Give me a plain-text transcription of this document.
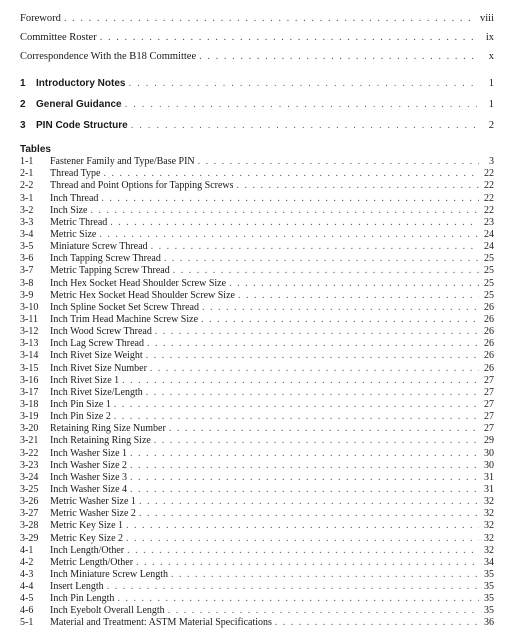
Foreword . . .	viii
Committee Roster . . .	ix
Correspondence With the B18 Committee . . .	x
1	Introductory Notes . . .	1
2	General Guidance . . .	1
3	PIN Code Structure . . .	2
Tables
1-1	Fastener Family and Type/Base PIN . . .	3
2-1	Thread Type . . .	22
2-2	Thread and Point Options for Tapping Screws . . .	22
3-1	Inch Thread . . .	22
3-2	Inch Size . . .	22
3-3	Metric Thread . . .	23
3-4	Metric Size . . .	24
3-5	Miniature Screw Thread . . .	24
3-6	Inch Tapping Screw Thread . . .	25
3-7	Metric Tapping Screw Thread . . .	25
3-8	Inch Hex Socket Head Shoulder Screw Size . . .	25
3-9	Metric Hex Socket Head Shoulder Screw Size . . .	25
3-10	Inch Spline Socket Set Screw Thread . . .	26
3-11	Inch Trim Head Machine Screw Size . . .	26
3-12	Inch Wood Screw Thread . . .	26
3-13	Inch Lag Screw Thread . . .	26
3-14	Inch Rivet Size Weight . . .	26
3-15	Inch Rivet Size Number . . .	26
3-16	Inch Rivet Size 1 . . .	27
3-17	Inch Rivet Size/Length . . .	27
3-18	Inch Pin Size 1 . . .	27
3-19	Inch Pin Size 2 . . .	27
3-20	Retaining Ring Size Number . . .	27
3-21	Inch Retaining Ring Size . . .	29
3-22	Inch Washer Size 1 . . .	30
3-23	Inch Washer Size 2 . . .	30
3-24	Inch Washer Size 3 . . .	31
3-25	Inch Washer Size 4 . . .	31
3-26	Metric Washer Size 1 . . .	32
3-27	Metric Washer Size 2 . . .	32
3-28	Metric Key Size 1 . . .	32
3-29	Metric Key Size 2 . . .	32
4-1	Inch Length/Other . . .	32
4-2	Metric Length/Other . . .	34
4-3	Inch Miniature Screw Length . . .	35
4-4	Insert Length . . .	35
4-5	Inch Pin Length . . .	35
4-6	Inch Eyebolt Overall Length . . .	35
5-1	Material and Treatment: ASTM Material Specifications . . .	36
